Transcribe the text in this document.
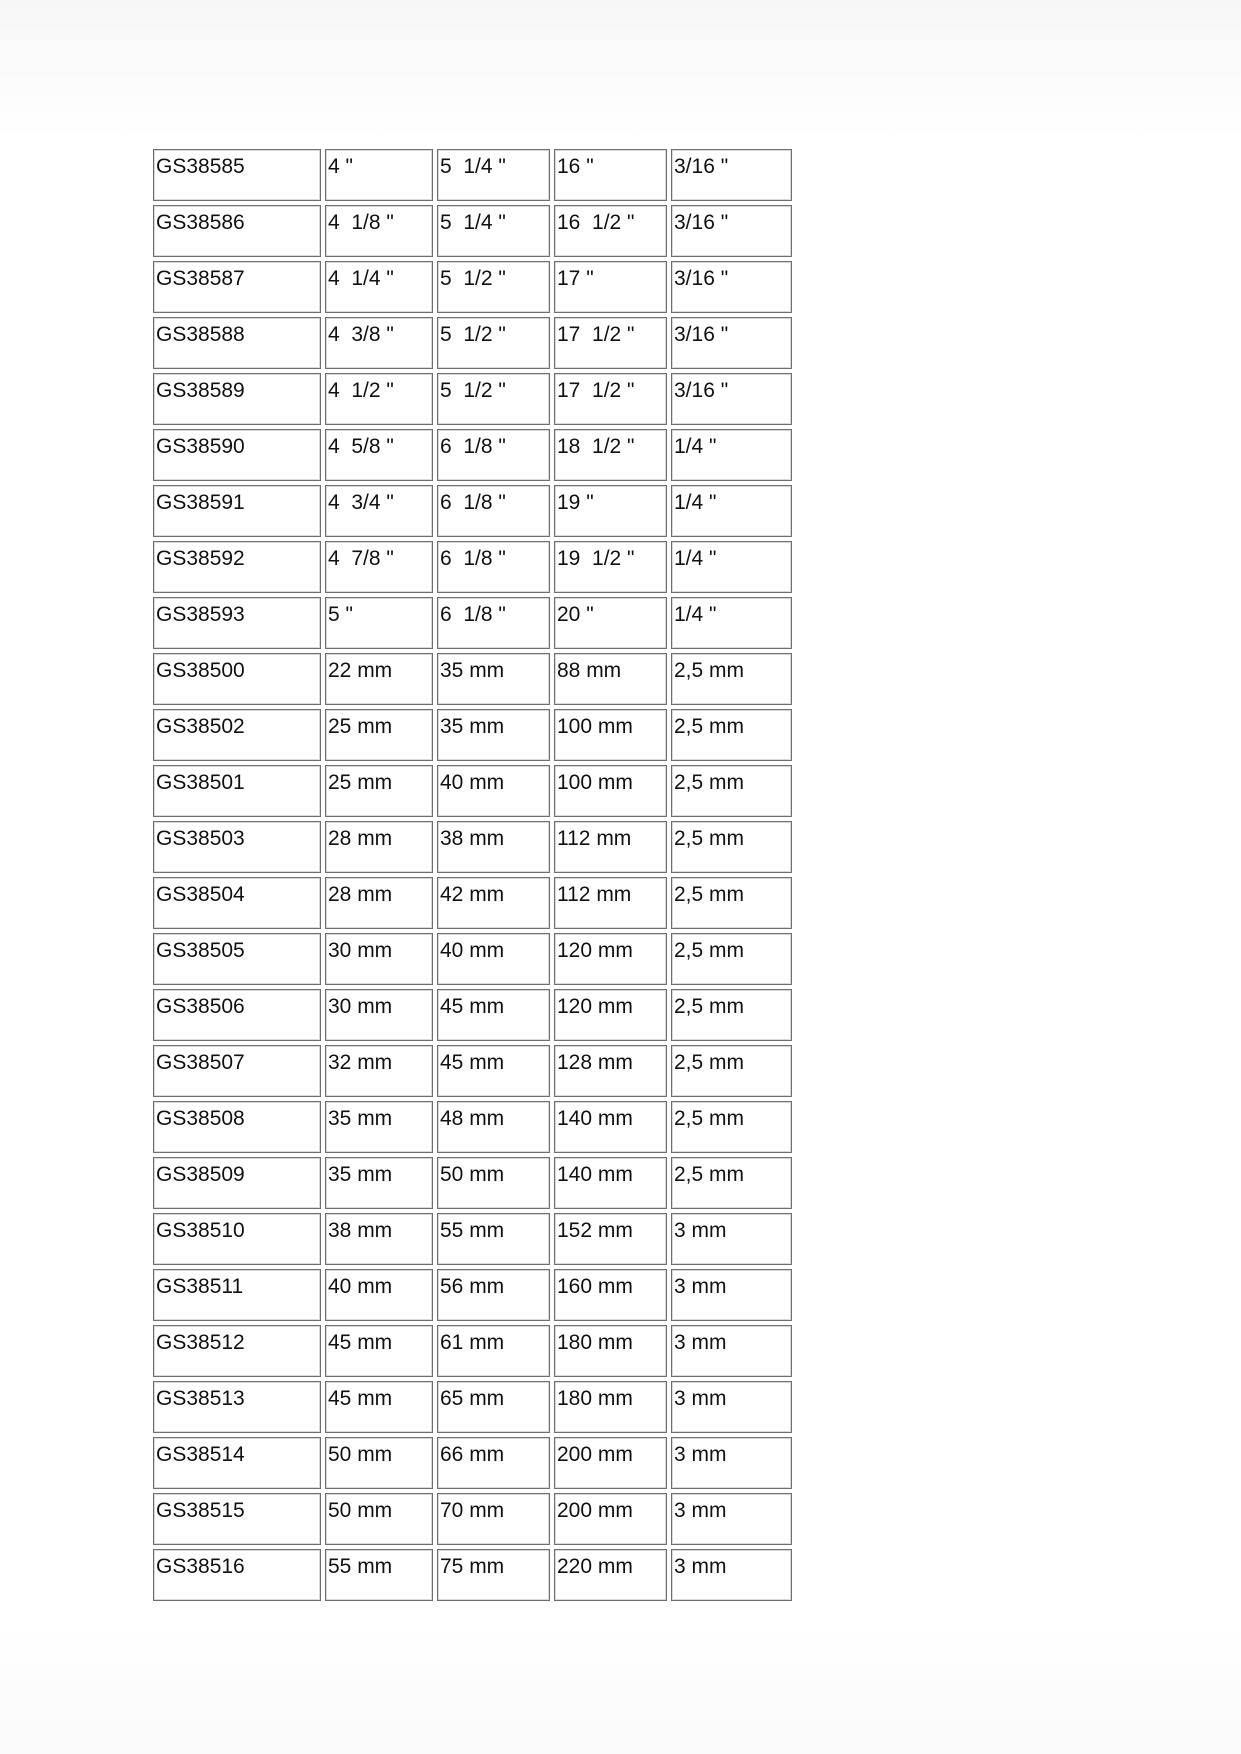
GS38585	4 "	5  1/4 "	16 "	3/16 "
GS38586	4  1/8 "	5  1/4 "	16  1/2 "	3/16 "
GS38587	4  1/4 "	5  1/2 "	17 "	3/16 "
GS38588	4  3/8 "	5  1/2 "	17  1/2 "	3/16 "
GS38589	4  1/2 "	5  1/2 "	17  1/2 "	3/16 "
GS38590	4  5/8 "	6  1/8 "	18  1/2 "	1/4 "
GS38591	4  3/4 "	6  1/8 "	19 "	1/4 "
GS38592	4  7/8 "	6  1/8 "	19  1/2 "	1/4 "
GS38593	5 "	6  1/8 "	20 "	1/4 "
GS38500	22 mm	35 mm	88 mm	2,5 mm
GS38502	25 mm	35 mm	100 mm	2,5 mm
GS38501	25 mm	40 mm	100 mm	2,5 mm
GS38503	28 mm	38 mm	112 mm	2,5 mm
GS38504	28 mm	42 mm	112 mm	2,5 mm
GS38505	30 mm	40 mm	120 mm	2,5 mm
GS38506	30 mm	45 mm	120 mm	2,5 mm
GS38507	32 mm	45 mm	128 mm	2,5 mm
GS38508	35 mm	48 mm	140 mm	2,5 mm
GS38509	35 mm	50 mm	140 mm	2,5 mm
GS38510	38 mm	55 mm	152 mm	3 mm
GS38511	40 mm	56 mm	160 mm	3 mm
GS38512	45 mm	61 mm	180 mm	3 mm
GS38513	45 mm	65 mm	180 mm	3 mm
GS38514	50 mm	66 mm	200 mm	3 mm
GS38515	50 mm	70 mm	200 mm	3 mm
GS38516	55 mm	75 mm	220 mm	3 mm
